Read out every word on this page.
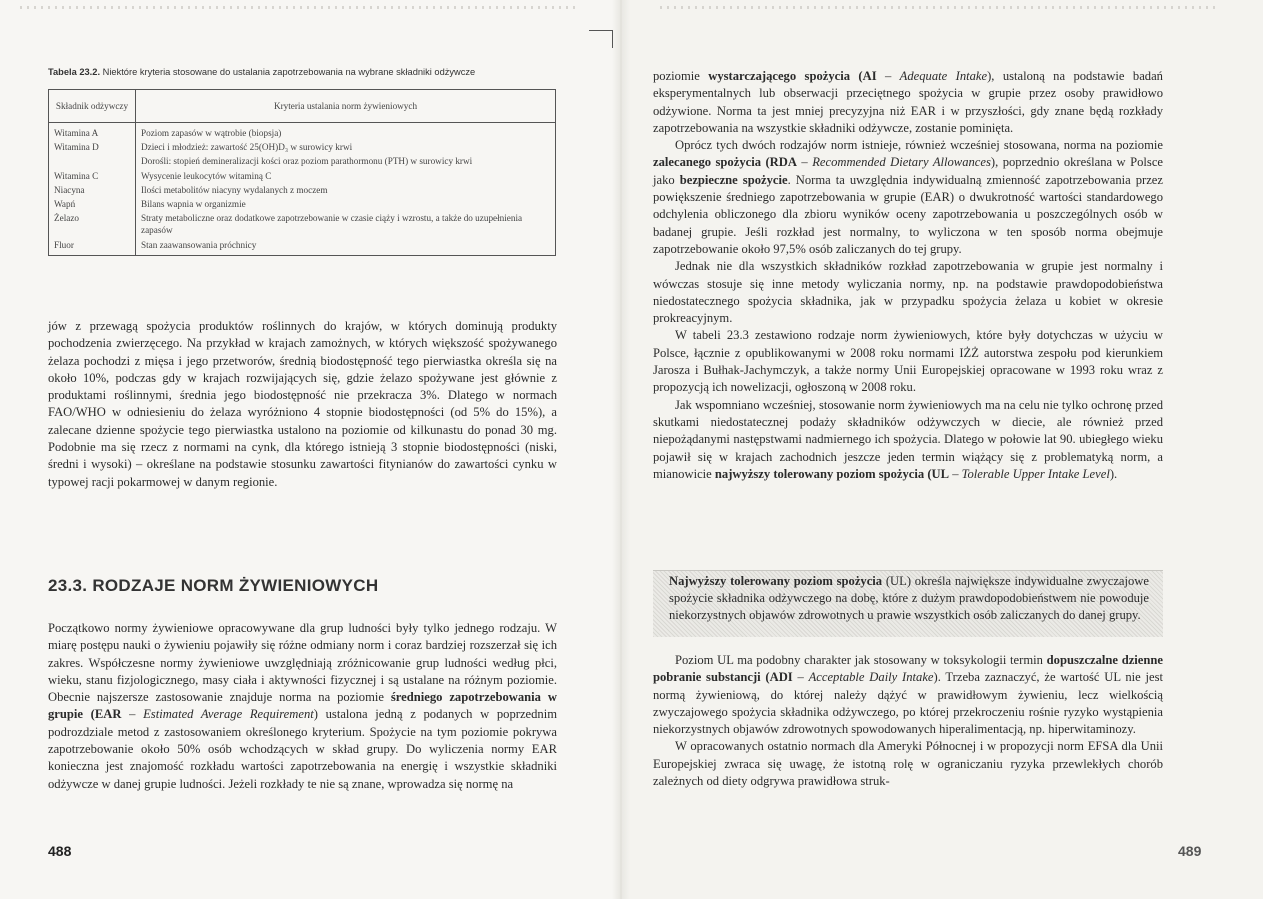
Tabela 23.2. Niektóre kryteria stosowane do ustalania zapotrzebowania na wybrane składniki odżywcze
Składnik odżywczy	Kryteria ustalania norm żywieniowych
Witamina A	Poziom zapasów w wątrobie (biopsja)
Witamina D	Dzieci i młodzież: zawartość 25(OH)D₃ w surowicy krwi
	Dorośli: stopień demineralizacji kości oraz poziom parathormonu (PTH) w surowicy krwi
Witamina C	Wysycenie leukocytów witaminą C
Niacyna	Ilości metabolitów niacyny wydalanych z moczem
Wapń	Bilans wapnia w organizmie
Żelazo	Straty metaboliczne oraz dodatkowe zapotrzebowanie w czasie ciąży i wzrostu, a także do uzupełnienia zapasów
Fluor	Stan zaawansowania próchnicy

jów z przewagą spożycia produktów roślinnych do krajów, w których dominują produkty pochodzenia zwierzęcego. Na przykład w krajach zamożnych, w których większość spożywanego żelaza pochodzi z mięsa i jego przetworów, średnią biodostępność tego pierwiastka określa się na około 10%, podczas gdy w krajach rozwijających się, gdzie żelazo spożywane jest głównie z produktami roślinnymi, średnia jego biodostępność nie przekracza 3%. Dlatego w normach FAO/WHO w odniesieniu do żelaza wyróżniono 4 stopnie biodostępności (od 5% do 15%), a zalecane dzienne spożycie tego pierwiastka ustalono na poziomie od kilkunastu do ponad 30 mg. Podobnie ma się rzecz z normami na cynk, dla którego istnieją 3 stopnie biodostępności (niski, średni i wysoki) – określane na podstawie stosunku zawartości fitynianów do zawartości cynku w typowej racji pokarmowej w danym regionie.

23.3. RODZAJE NORM ŻYWIENIOWYCH

Początkowo normy żywieniowe opracowywane dla grup ludności były tylko jednego rodzaju. W miarę postępu nauki o żywieniu pojawiły się różne odmiany norm i coraz bardziej rozszerzał się ich zakres. Współczesne normy żywieniowe uwzględniają zróżnicowanie grup ludności według płci, wieku, stanu fizjologicznego, masy ciała i aktywności fizycznej i są ustalane na różnym poziomie. Obecnie najszersze zastosowanie znajduje norma na poziomie średniego zapotrzebowania w grupie (EAR – Estimated Average Requirement) ustalona jedną z podanych w poprzednim podrozdziale metod z zastosowaniem określonego kryterium. Spożycie na tym poziomie pokrywa zapotrzebowanie około 50% osób wchodzących w skład grupy. Do wyliczenia normy EAR konieczna jest znajomość rozkładu wartości zapotrzebowania na energię i wszystkie składniki odżywcze w danej grupie ludności. Jeżeli rozkłady te nie są znane, wprowadza się normę na

488

poziomie wystarczającego spożycia (AI – Adequate Intake), ustaloną na podstawie badań eksperymentalnych lub obserwacji przeciętnego spożycia w grupie przez osoby prawidłowo odżywione. Norma ta jest mniej precyzyjna niż EAR i w przyszłości, gdy znane będą rozkłady zapotrzebowania na wszystkie składniki odżywcze, zostanie pominięta.

Oprócz tych dwóch rodzajów norm istnieje, również wcześniej stosowana, norma na poziomie zalecanego spożycia (RDA – Recommended Dietary Allowances), poprzednio określana w Polsce jako bezpieczne spożycie. Norma ta uwzględnia indywidualną zmienność zapotrzebowania przez powiększenie średniego zapotrzebowania w grupie (EAR) o dwukrotność wartości standardowego odchylenia obliczonego dla zbioru wyników oceny zapotrzebowania u poszczególnych osób w badanej grupie. Jeśli rozkład jest normalny, to wyliczona w ten sposób norma obejmuje zapotrzebowanie około 97,5% osób zaliczanych do tej grupy.

Jednak nie dla wszystkich składników rozkład zapotrzebowania w grupie jest normalny i wówczas stosuje się inne metody wyliczania normy, np. na podstawie prawdopodobieństwa niedostatecznego spożycia składnika, jak w przypadku spożycia żelaza u kobiet w okresie prokreacyjnym.

W tabeli 23.3 zestawiono rodzaje norm żywieniowych, które były dotychczas w użyciu w Polsce, łącznie z opublikowanymi w 2008 roku normami IŻŻ autorstwa zespołu pod kierunkiem Jarosza i Bułhak-Jachymczyk, a także normy Unii Europejskiej opracowane w 1993 roku wraz z propozycją ich nowelizacji, ogłoszoną w 2008 roku.

Jak wspomniano wcześniej, stosowanie norm żywieniowych ma na celu nie tylko ochronę przed skutkami niedostatecznej podaży składników odżywczych w diecie, ale również przed niepożądanymi następstwami nadmiernego ich spożycia. Dlatego w połowie lat 90. ubiegłego wieku pojawił się w krajach zachodnich jeszcze jeden termin wiążący się z problematyką norm, a mianowicie najwyższy tolerowany poziom spożycia (UL – Tolerable Upper Intake Level).

Najwyższy tolerowany poziom spożycia (UL) określa największe indywidualne zwyczajowe spożycie składnika odżywczego na dobę, które z dużym prawdopodobieństwem nie powoduje niekorzystnych objawów zdrowotnych u prawie wszystkich osób zaliczanych do danej grupy.

Poziom UL ma podobny charakter jak stosowany w toksykologii termin dopuszczalne dzienne pobranie substancji (ADI – Acceptable Daily Intake). Trzeba zaznaczyć, że wartość UL nie jest normą żywieniową, do której należy dążyć w prawidłowym żywieniu, lecz wielkością zwyczajowego spożycia składnika odżywczego, po której przekroczeniu rośnie ryzyko wystąpienia niekorzystnych objawów zdrowotnych spowodowanych hiperalimentacją, np. hiperwitaminozy.

W opracowanych ostatnio normach dla Ameryki Północnej i w propozycji norm EFSA dla Unii Europejskiej zwraca się uwagę, że istotną rolę w ograniczaniu ryzyka przewlekłych chorób zależnych od diety odgrywa prawidłowa struk-

489
